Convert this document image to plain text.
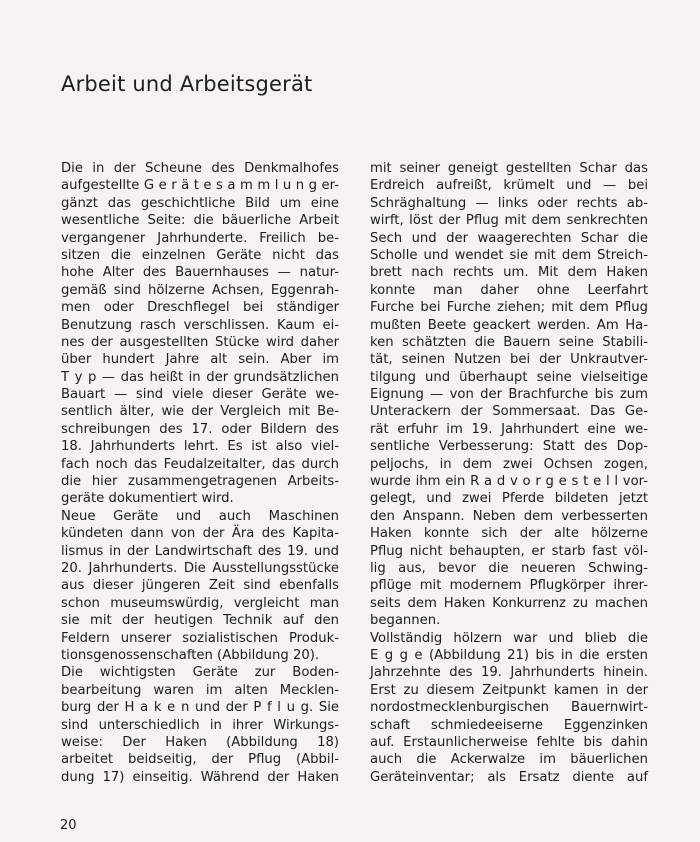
Arbeit und Arbeitsgerät
Die in der Scheune des Denkmalhofes
aufgestellte G e r ä t e s a m m l u n g er-
gänzt das geschichtliche Bild um eine
wesentliche Seite: die bäuerliche Arbeit
vergangener Jahrhunderte. Freilich be-
sitzen die einzelnen Geräte nicht das
hohe Alter des Bauernhauses — natur-
gemäß sind hölzerne Achsen, Eggenrah-
men oder Dreschflegel bei ständiger
Benutzung rasch verschlissen. Kaum ei-
nes der ausgestellten Stücke wird daher
über hundert Jahre alt sein. Aber im
T y p — das heißt in der grundsätzlichen
Bauart — sind viele dieser Geräte we-
sentlich älter, wie der Vergleich mit Be-
schreibungen des 17. oder Bildern des
18. Jahrhunderts lehrt. Es ist also viel-
fach noch das Feudalzeitalter, das durch
die hier zusammengetragenen Arbeits-
geräte dokumentiert wird.
Neue Geräte und auch Maschinen
kündeten dann von der Ära des Kapita-
lismus in der Landwirtschaft des 19. und
20. Jahrhunderts. Die Ausstellungsstücke
aus dieser jüngeren Zeit sind ebenfalls
schon museumswürdig, vergleicht man
sie mit der heutigen Technik auf den
Feldern unserer sozialistischen Produk-
tionsgenossenschaften (Abbildung 20).
Die wichtigsten Geräte zur Boden-
bearbeitung waren im alten Mecklen-
burg der H a k e n und der P f l u g. Sie
sind unterschiedlich in ihrer Wirkungs-
weise: Der Haken (Abbildung 18)
arbeitet beidseitig, der Pflug (Abbil-
dung 17) einseitig. Während der Haken
mit seiner geneigt gestellten Schar das
Erdreich aufreißt, krümelt und — bei
Schräghaltung — links oder rechts ab-
wirft, löst der Pflug mit dem senkrechten
Sech und der waagerechten Schar die
Scholle und wendet sie mit dem Streich-
brett nach rechts um. Mit dem Haken
konnte man daher ohne Leerfahrt
Furche bei Furche ziehen; mit dem Pflug
mußten Beete geackert werden. Am Ha-
ken schätzten die Bauern seine Stabili-
tät, seinen Nutzen bei der Unkrautver-
tilgung und überhaupt seine vielseitige
Eignung — von der Brachfurche bis zum
Unterackern der Sommersaat. Das Ge-
rät erfuhr im 19. Jahrhundert eine we-
sentliche Verbesserung: Statt des Dop-
peljochs, in dem zwei Ochsen zogen,
wurde ihm ein R a d v o r g e s t e l l vor-
gelegt, und zwei Pferde bildeten jetzt
den Anspann. Neben dem verbesserten
Haken konnte sich der alte hölzerne
Pflug nicht behaupten, er starb fast völ-
lig aus, bevor die neueren Schwing-
pflüge mit modernem Pflugkörper ihrer-
seits dem Haken Konkurrenz zu machen
begannen.
Vollständig hölzern war und blieb die
E g g e (Abbildung 21) bis in die ersten
Jahrzehnte des 19. Jahrhunderts hinein.
Erst zu diesem Zeitpunkt kamen in der
nordostmecklenburgischen Bauernwirt-
schaft schmiedeeiserne Eggenzinken
auf. Erstaunlicherweise fehlte bis dahin
auch die Ackerwalze im bäuerlichen
Geräteinventar; als Ersatz diente auf
20
